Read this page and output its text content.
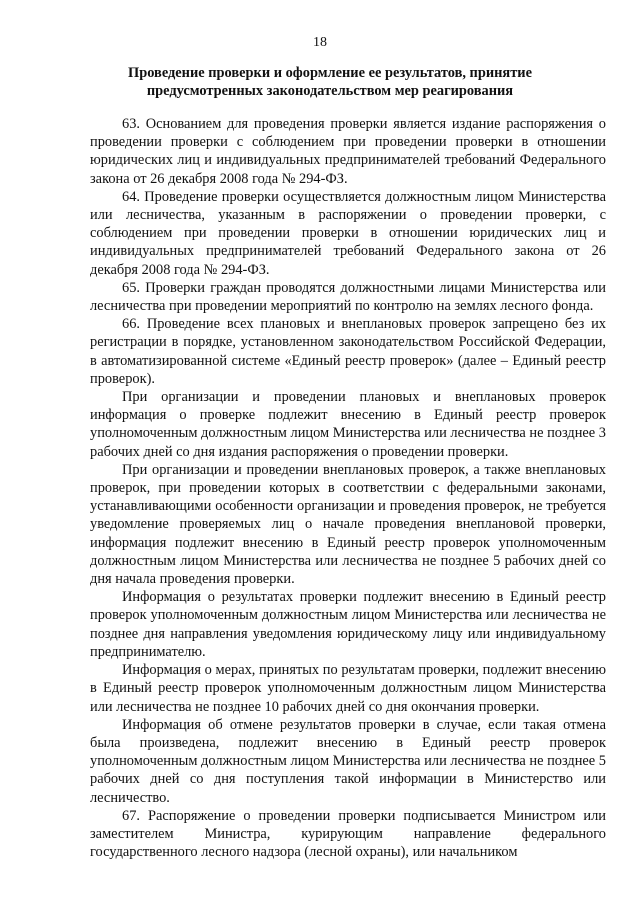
18
Проведение проверки и оформление ее результатов, принятие
предусмотренных законодательством мер реагирования

63. Основанием для проведения проверки является издание распоряжения о проведении проверки с соблюдением при проведении проверки в отношении юридических лиц и индивидуальных предпринимателей требований Федерального закона от 26 декабря 2008 года № 294-ФЗ.

64. Проведение проверки осуществляется должностным лицом Министерства или лесничества, указанным в распоряжении о проведении проверки, с соблюдением при проведении проверки в отношении юридических лиц и индивидуальных предпринимателей требований Федерального закона от 26 декабря 2008 года № 294-ФЗ.

65. Проверки граждан проводятся должностными лицами Министерства или лесничества при проведении мероприятий по контролю на землях лесного фонда.

66. Проведение всех плановых и внеплановых проверок запрещено без их регистрации в порядке, установленном законодательством Российской Федерации, в автоматизированной системе «Единый реестр проверок» (далее – Единый реестр проверок).

При организации и проведении плановых и внеплановых проверок информация о проверке подлежит внесению в Единый реестр проверок уполномоченным должностным лицом Министерства или лесничества не позднее 3 рабочих дней со дня издания распоряжения о проведении проверки.

При организации и проведении внеплановых проверок, а также внеплановых проверок, при проведении которых в соответствии с федеральными законами, устанавливающими особенности организации и проведения проверок, не требуется уведомление проверяемых лиц о начале проведения внеплановой проверки, информация подлежит внесению в Единый реестр проверок уполномоченным должностным лицом Министерства или лесничества не позднее 5 рабочих дней со дня начала проведения проверки.

Информация о результатах проверки подлежит внесению в Единый реестр проверок уполномоченным должностным лицом Министерства или лесничества не позднее дня направления уведомления юридическому лицу или индивидуальному предпринимателю.

Информация о мерах, принятых по результатам проверки, подлежит внесению в Единый реестр проверок уполномоченным должностным лицом Министерства или лесничества не позднее 10 рабочих дней со дня окончания проверки.

Информация об отмене результатов проверки в случае, если такая отмена была произведена, подлежит внесению в Единый реестр проверок уполномоченным должностным лицом Министерства или лесничества не позднее 5 рабочих дней со дня поступления такой информации в Министерство или лесничество.

67. Распоряжение о проведении проверки подписывается Министром или заместителем Министра, курирующим направление федерального государственного лесного надзора (лесной охраны), или начальником
